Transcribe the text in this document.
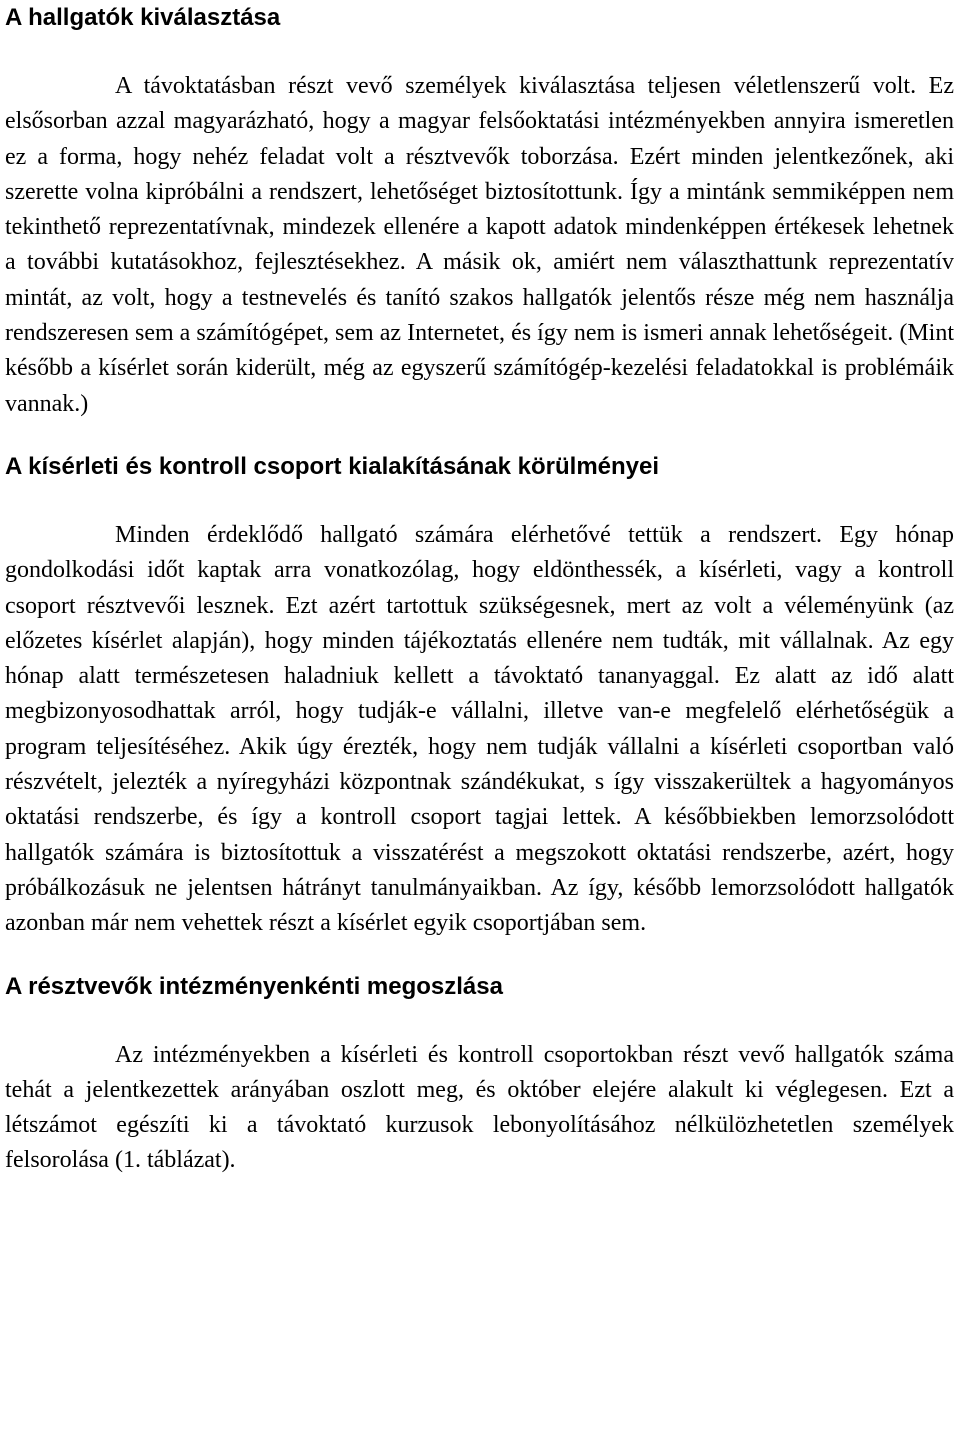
A hallgatók kiválasztása

A távoktatásban részt vevő személyek kiválasztása teljesen véletlenszerű volt. Ez elsősorban azzal magyarázható, hogy a magyar felsőoktatási intézményekben annyira ismeretlen ez a forma, hogy nehéz feladat volt a résztvevők toborzása. Ezért minden jelentkezőnek, aki szerette volna kipróbálni a rendszert, lehetőséget biztosítottunk. Így a mintánk semmiképpen nem tekinthető reprezentatívnak, mindezek ellenére a kapott adatok mindenképpen értékesek lehetnek a további kutatásokhoz, fejlesztésekhez. A másik ok, amiért nem választhattunk reprezentatív mintát, az volt, hogy a testnevelés és tanító szakos hallgatók jelentős része még nem használja rendszeresen sem a számítógépet, sem az Internetet, és így nem is ismeri annak lehetőségeit. (Mint később a kísérlet során kiderült, még az egyszerű számítógép-kezelési feladatokkal is problémáik vannak.)

A kísérleti és kontroll csoport kialakításának körülményei

Minden érdeklődő hallgató számára elérhetővé tettük a rendszert. Egy hónap gondolkodási időt kaptak arra vonatkozólag, hogy eldönthessék, a kísérleti, vagy a kontroll csoport résztvevői lesznek. Ezt azért tartottuk szükségesnek, mert az volt a véleményünk (az előzetes kísérlet alapján), hogy minden tájékoztatás ellenére nem tudták, mit vállalnak. Az egy hónap alatt természetesen haladniuk kellett a távoktató tananyaggal. Ez alatt az idő alatt megbizonyosodhattak arról, hogy tudják-e vállalni, illetve van-e megfelelő elérhetőségük a program teljesítéséhez. Akik úgy érezték, hogy nem tudják vállalni a kísérleti csoportban való részvételt, jelezték a nyíregyházi központnak szándékukat, s így visszakerültek a hagyományos oktatási rendszerbe, és így a kontroll csoport tagjai lettek. A későbbiekben lemorzsolódott hallgatók számára is biztosítottuk a visszatérést a megszokott oktatási rendszerbe, azért, hogy próbálkozásuk ne jelentsen hátrányt tanulmányaikban. Az így, később lemorzsolódott hallgatók azonban már nem vehettek részt a kísérlet egyik csoportjában sem.

A résztvevők intézményenkénti megoszlása

Az intézményekben a kísérleti és kontroll csoportokban részt vevő hallgatók száma tehát a jelentkezettek arányában oszlott meg, és október elejére alakult ki véglegesen. Ezt a létszámot egészíti ki a távoktató kurzusok lebonyolításához nélkülözhetetlen személyek felsorolása (1. táblázat).
